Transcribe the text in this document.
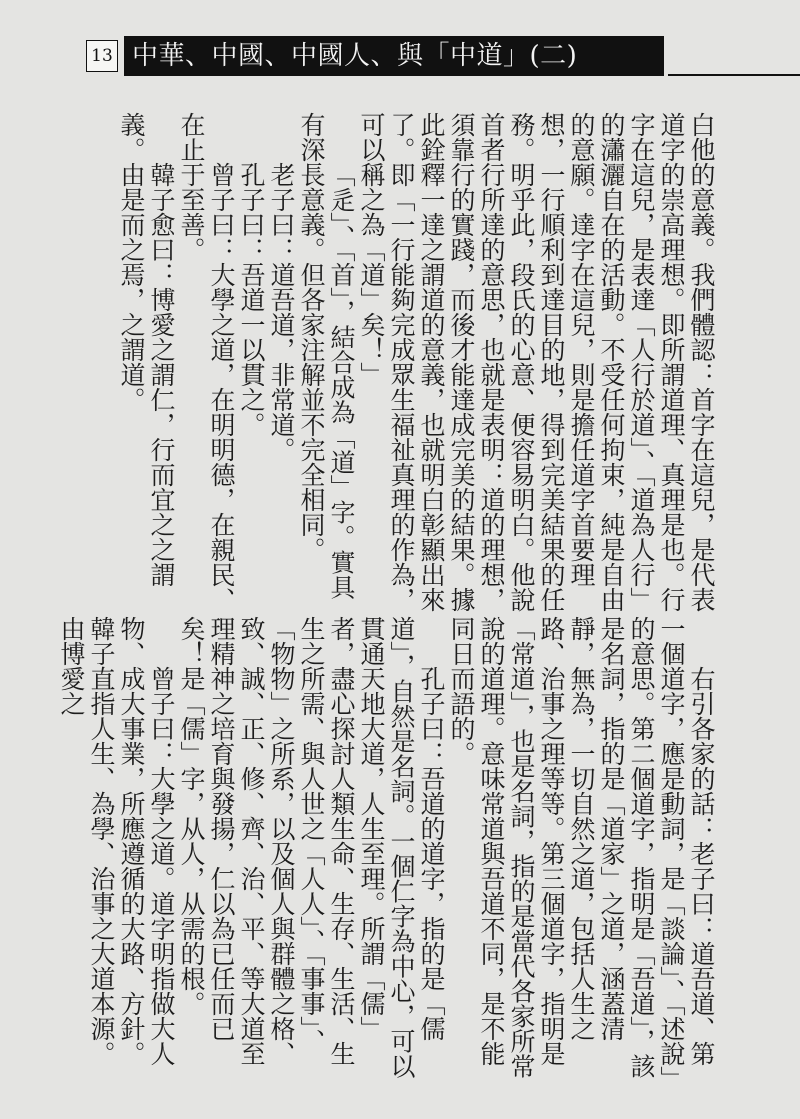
13 中華、中國、中國人、與「中道」(二)

白他的意義。我們體認：首字在這兒，是代表道字的崇高理想。即所謂道理、真理是也。行字在這兒，是表達「人行於道」、「道為人行」的瀟灑自在的活動。不受任何拘束，純是自由的意願。達字在這兒，則是擔任道字首要理想，一行順利到達目的地，得到完美結果的任務。明乎此，段氏的心意、便容易明白。他說首者行所達的意思，也就是表明：道的理想，須靠行的實踐，而後才能達成完美的結果。據此銓釋一達之謂道的意義，也就明白彰顯出來了。即「一行能夠完成眾生福祉真理的作為，可以稱之為「道」矣！」

「辵」、「首」，結合成為「道」字。實具有深長意義。但各家注解並不完全相同。

老子曰：道吾道，非常道。

孔子曰：吾道一以貫之。

曾子曰：大學之道，在明明德，在親民、在止于至善。

韓子愈曰：博愛之謂仁，行而宜之之謂義。由是而之焉，之謂道。

右引各家的話：老子曰：道吾道、第一個道字，應是動詞，是「談論」、「述說」的意思。第二個道字，指明是「吾道」，該是名詞，指的是「道家」之道，涵蓋清靜，無為，一切自然之道，包括人生之路、治事之理等等。第三個道字，指明是「常道」，也是名詞，指的是當代各家所常說的道理。意味常道與吾道不同，是不能同日而語的。

孔子曰：吾道的道字，指的是「儒道」，自然是名詞。一個仁字為中心，可以貫通天地大道，人生至理。所謂「儒」者，盡心探討人類生命、生存、生活、生生之所需、與人世之「人人」、「事事」、「物物」之所系，以及個人與群體之格、致、誠、正、修、齊、治、平、等大道至理精神之培育與發揚，仁以為已任而已矣！是「儒」字，从人，从需的根。

曾子曰：大學之道。道字明指做大人物、成大事業，所應遵循的大路、方針。韓子直指人生、為學、治事之大道本源。由博愛之
